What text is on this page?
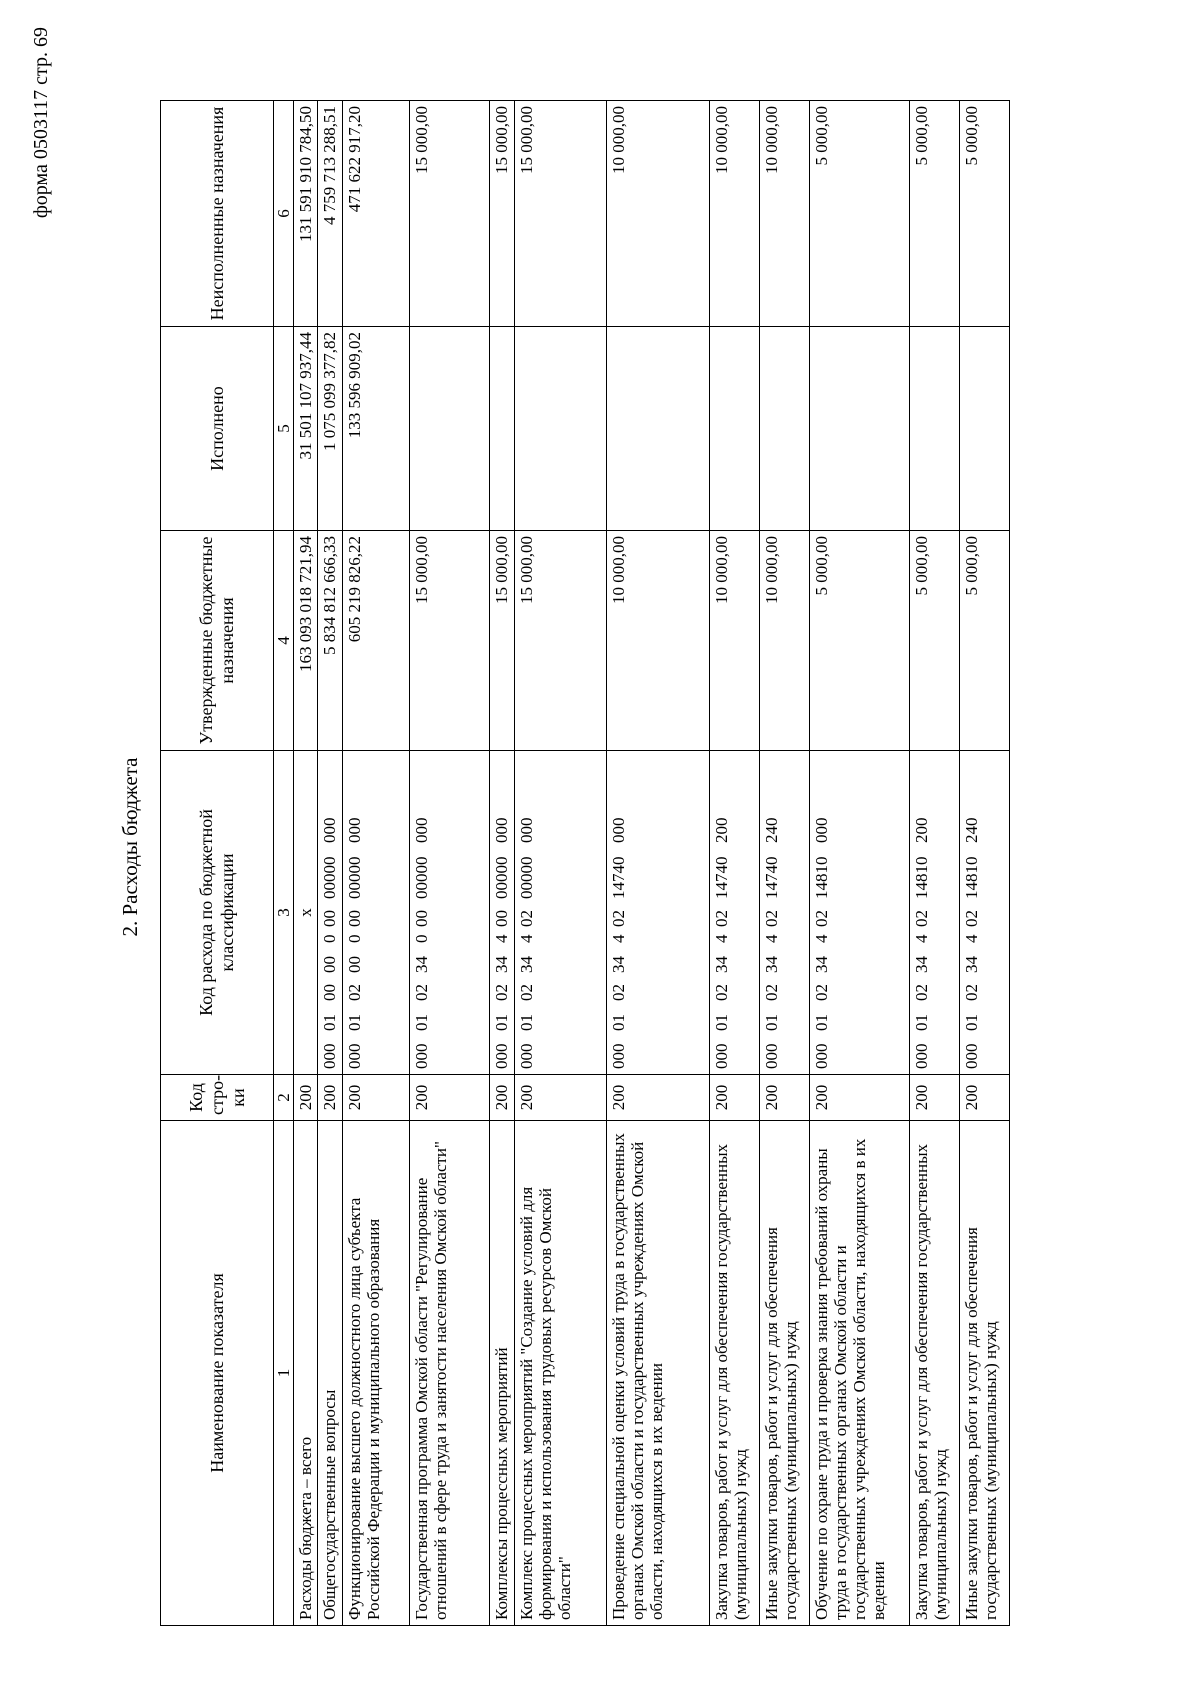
форма 0503117 стр. 69
2. Расходы бюджета
Наименование показателя	Код стро-ки	Код расхода по бюджетной классификации	Утвержденные бюджетные назначения	Исполнено	Неисполненные назначения
1	2	3	4	5	6
Расходы бюджета – всего	200	x	163 093 018 721,94	31 501 107 937,44	131 591 910 784,50
Общегосударственные вопросы	200	00001000000000000000	5 834 812 666,33	1 075 099 377,82	4 759 713 288,51
Функционирование высшего должностного лица субъекта Российской Федерации и муниципального образования	200	00001020000000000000	605 219 826,22	133 596 909,02	471 622 917,20
Государственная программа Омской области "Регулирование отношений в сфере труда и занятости населения Омской области"	200	00001023400000000000	15 000,00		15 000,00
Комплексы процессных мероприятий	200	00001023440000000000	15 000,00		15 000,00
Комплекс процессных мероприятий "Создание условий для формирования и использования трудовых ресурсов Омской области"	200	00001023440200000000	15 000,00		15 000,00
Проведение специальной оценки условий труда в государственных органах Омской области и государственных учреждениях Омской области, находящихся в их ведении	200	00001023440214740000	10 000,00		10 000,00
Закупка товаров, работ и услуг для обеспечения государственных (муниципальных) нужд	200	00001023440214740200	10 000,00		10 000,00
Иные закупки товаров, работ и услуг для обеспечения государственных (муниципальных) нужд	200	00001023440214740240	10 000,00		10 000,00
Обучение по охране труда и проверка знания требований охраны труда в государственных органах Омской области и государственных учреждениях Омской области, находящихся в их ведении	200	00001023440214810000	5 000,00		5 000,00
Закупка товаров, работ и услуг для обеспечения государственных (муниципальных) нужд	200	00001023440214810200	5 000,00		5 000,00
Иные закупки товаров, работ и услуг для обеспечения государственных (муниципальных) нужд	200	00001023440214810240	5 000,00		5 000,00
